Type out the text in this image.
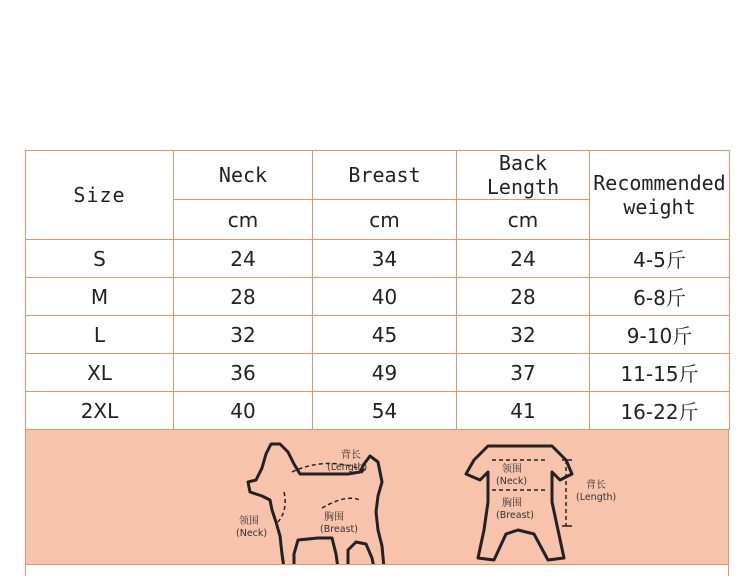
Size	Neck	Breast	Back Length	Recommended weight
	cm	cm	cm	
S	24	34	24	4-5斤
M	28	40	28	6-8斤
L	32	45	32	9-10斤
XL	36	49	37	11-15斤
2XL	40	54	41	16-22斤
背长
(Length)
领围
(Neck)
胸围
(Breast)
领围
(Neck)
胸围
(Breast)
背长
(Length)
